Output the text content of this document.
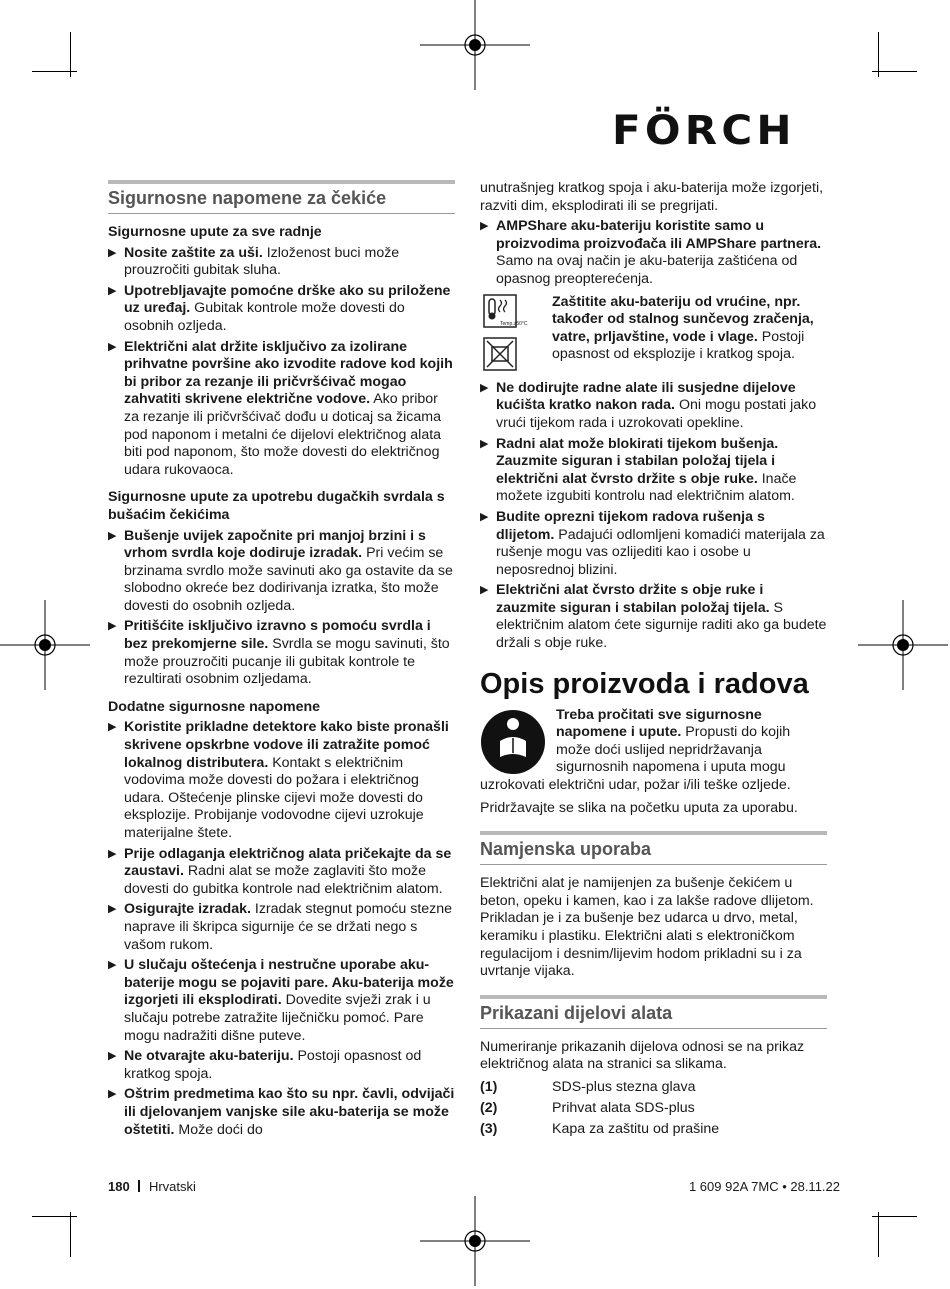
FÖRCH
Sigurnosne napomene za čekiće
Sigurnosne upute za sve radnje
▶ Nosite zaštite za uši. Izloženost buci može prouzročiti gubitak sluha.
▶ Upotrebljavajte pomoćne drške ako su priložene uz uređaj. Gubitak kontrole može dovesti do osobnih ozljeda.
▶ Električni alat držite isključivo za izolirane prihvatne površine ako izvodite radove kod kojih bi pribor za rezanje ili pričvršćivač mogao zahvatiti skrivene električne vodove. Ako pribor za rezanje ili pričvršćivač dođu u doticaj sa žicama pod naponom i metalni će dijelovi električnog alata biti pod naponom, što može dovesti do električnog udara rukovaoca.
Sigurnosne upute za upotrebu dugačkih svrdala s bušaćim čekićima
▶ Bušenje uvijek započnite pri manjoj brzini i s vrhom svrdla koje dodiruje izradak. Pri većim se brzinama svrdlo može savinuti ako ga ostavite da se slobodno okreće bez dodirivanja izratka, što može dovesti do osobnih ozljeda.
▶ Pritišćite isključivo izravno s pomoću svrdla i bez prekomjerne sile. Svrdla se mogu savinuti, što može prouzročiti pucanje ili gubitak kontrole te rezultirati osobnim ozljedama.
Dodatne sigurnosne napomene
▶ Koristite prikladne detektore kako biste pronašli skrivene opskrbne vodove ili zatražite pomoć lokalnog distributera. Kontakt s električnim vodovima može dovesti do požara i električnog udara. Oštećenje plinske cijevi može dovesti do eksplozije. Probijanje vodovodne cijevi uzrokuje materijalne štete.
▶ Prije odlaganja električnog alata pričekajte da se zaustavi. Radni alat se može zaglaviti što može dovesti do gubitka kontrole nad električnim alatom.
▶ Osigurajte izradak. Izradak stegnut pomoću stezne naprave ili škripca sigurnije će se držati nego s vašom rukom.
▶ U slučaju oštećenja i nestručne uporabe aku-baterije mogu se pojaviti pare. Aku-baterija može izgorjeti ili eksplodirati. Dovedite svježi zrak i u slučaju potrebe zatražite liječničku pomoć. Pare mogu nadražiti dišne puteve.
▶ Ne otvarajte aku-bateriju. Postoji opasnost od kratkog spoja.
▶ Oštrim predmetima kao što su npr. čavli, odvijači ili djelovanjem vanjske sile aku-baterija se može oštetiti. Može doći do

unutrašnjeg kratkog spoja i aku-baterija može izgorjeti, razviti dim, eksplodirati ili se pregrijati.

▶ AMPShare aku-bateriju koristite samo u proizvodima proizvođača ili AMPShare partnera. Samo na ovaj način je aku-baterija zaštićena od opasnog preopterećenja.
Temp.≥50°C

Zaštitite aku-bateriju od vrućine, npr. također od stalnog sunčevog zračenja, vatre, prljavštine, vode i vlage. Postoji opasnost od eksplozije i kratkog spoja.

▶ Ne dodirujte radne alate ili susjedne dijelove kućišta kratko nakon rada. Oni mogu postati jako vrući tijekom rada i uzrokovati opekline.
▶ Radni alat može blokirati tijekom bušenja. Zauzmite siguran i stabilan položaj tijela i električni alat čvrsto držite s obje ruke. Inače možete izgubiti kontrolu nad električnim alatom.
▶ Budite oprezni tijekom radova rušenja s dlijetom. Padajući odlomljeni komadići materijala za rušenje mogu vas ozlijediti kao i osobe u neposrednoj blizini.
▶ Električni alat čvrsto držite s obje ruke i zauzmite siguran i stabilan položaj tijela. S električnim alatom ćete sigurnije raditi ako ga budete držali s obje ruke.
Opis proizvoda i radova

Treba pročitati sve sigurnosne napomene i upute. Propusti do kojih može doći uslijed nepridržavanja sigurnosnih napomena i uputa mogu uzrokovati električni udar, požar i/ili teške ozljede.

Pridržavajte se slika na početku uputa za uporabu.

Namjenska uporaba

Električni alat je namijenjen za bušenje čekićem u beton, opeku i kamen, kao i za lakše radove dlijetom. Prikladan je i za bušenje bez udarca u drvo, metal, keramiku i plastiku. Električni alati s elektroničkom regulacijom i desnim/lijevim hodom prikladni su i za uvrtanje vijaka.

Prikazani dijelovi alata

Numeriranje prikazanih dijelova odnosi se na prikaz električnog alata na stranici sa slikama.

(1)	SDS-plus stezna glava
(2)	Prihvat alata SDS-plus
(3)	Kapa za zaštitu od prašine
180 Hrvatski	1 609 92A 7MC • 28.11.22
